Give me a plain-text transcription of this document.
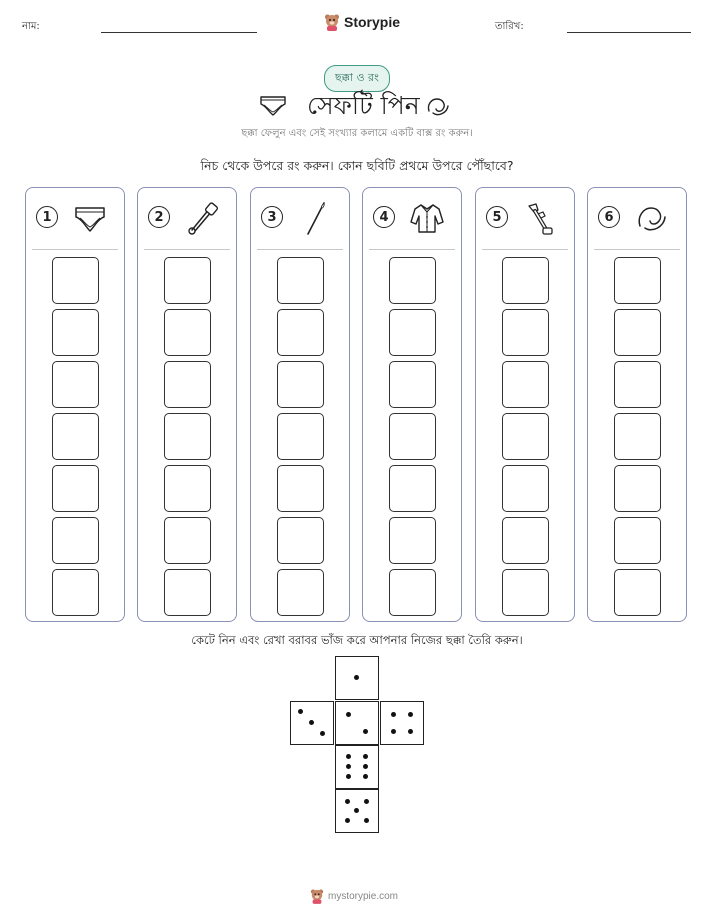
নাম:	Storypie	তারিখ:
ছক্কা ও রং
সেফটি পিন
ছক্কা ফেলুন এবং সেই সংখ্যার কলামে একটি বাক্স রং করুন।
নিচ থেকে উপরে রং করুন। কোন ছবিটি প্রথমে উপরে পৌঁছাবে?
1	2	3	4	5	6
কেটে নিন এবং রেখা বরাবর ভাঁজ করে আপনার নিজের ছক্কা তৈরি করুন।
mystorypie.com
